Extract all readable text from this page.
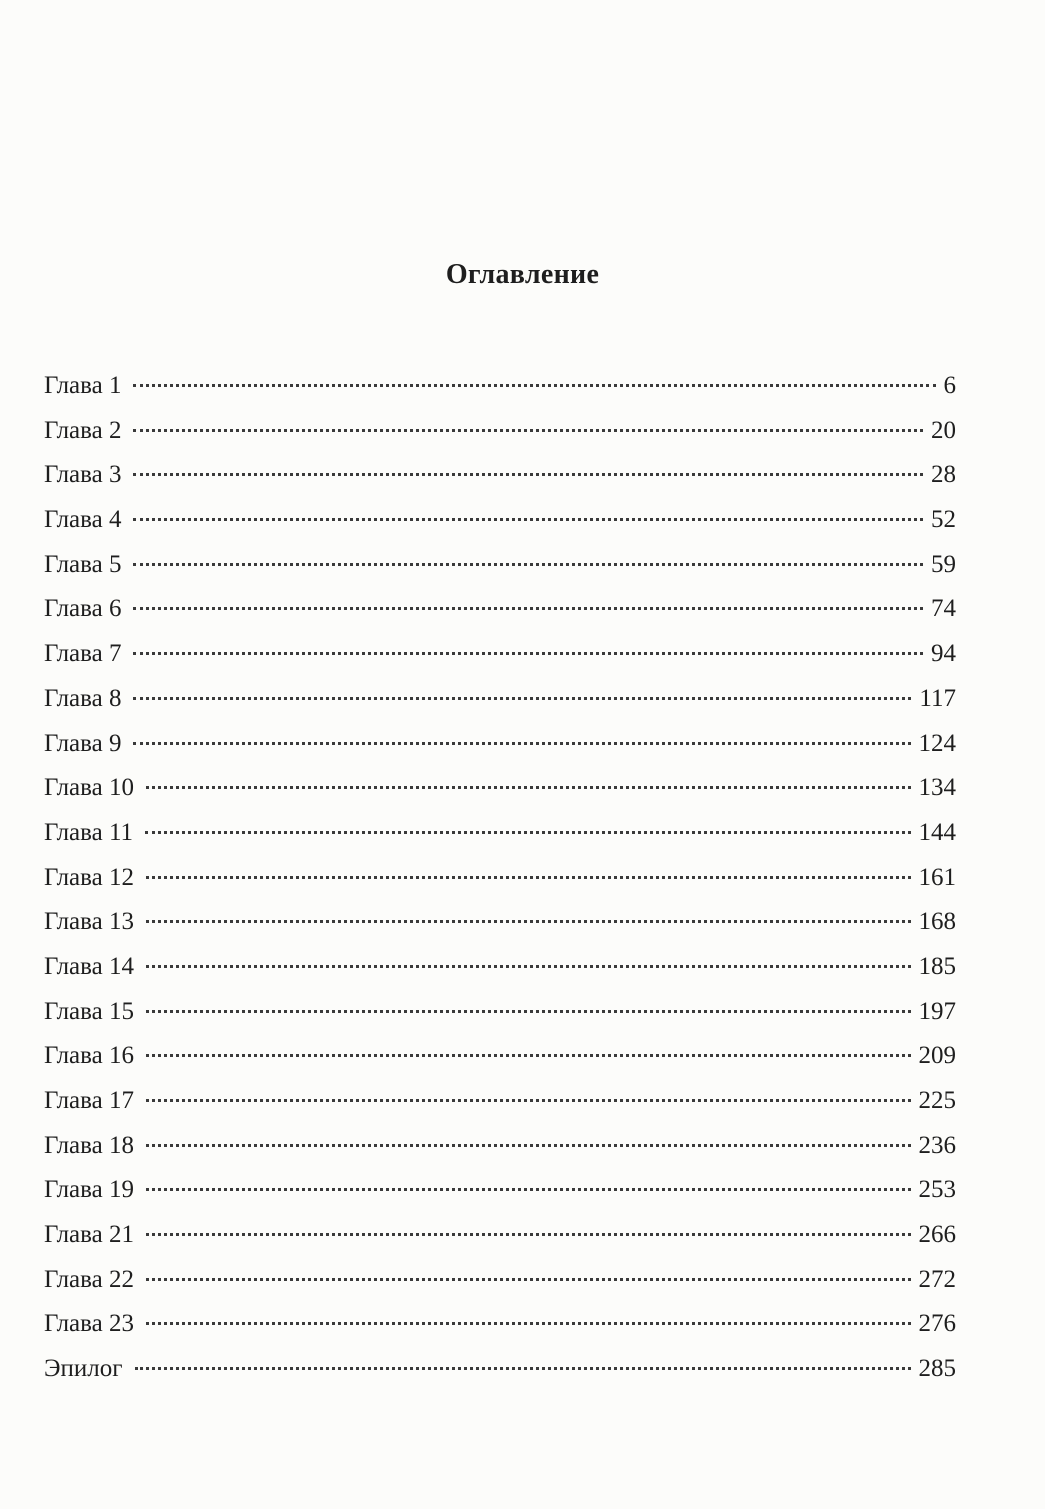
Оглавление
Глава 1	6
Глава 2	20
Глава 3	28
Глава 4	52
Глава 5	59
Глава 6	74
Глава 7	94
Глава 8	117
Глава 9	124
Глава 10	134
Глава 11	144
Глава 12	161
Глава 13	168
Глава 14	185
Глава 15	197
Глава 16	209
Глава 17	225
Глава 18	236
Глава 19	253
Глава 21	266
Глава 22	272
Глава 23	276
Эпилог	285
